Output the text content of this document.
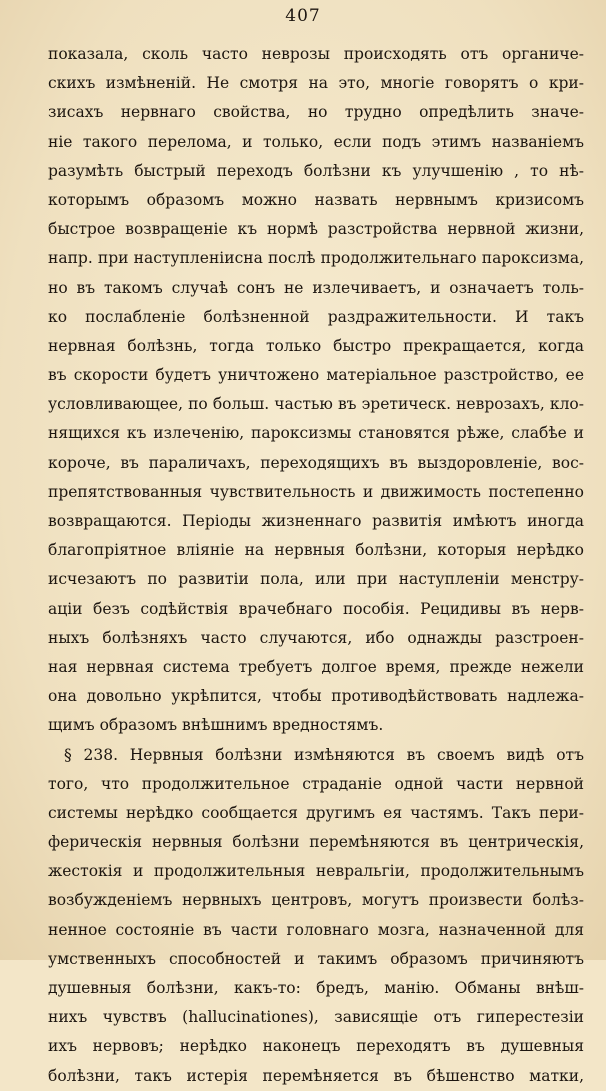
407
показала, сколь часто неврозы происходять отъ органиче-
скихъ измѣненій. Не смотря на это, многіе говорятъ о кри-
зисахъ нервнаго свойства, но трудно опредѣлить значе-
ніе такого перелома, и только, если подъ этимъ названіемъ
разумѣть быстрый переходъ болѣзни къ улучшенію , то нѣ-
которымъ образомъ можно назвать нервнымъ кризисомъ
быстрое возвращеніе къ нормѣ разстройства нервной жизни,
напр. при наступленіисна послѣ продолжительнаго пароксизма,
но въ такомъ случаѣ сонъ не излечиваетъ, и означаетъ толь-
ко послабленіе болѣзненной раздражительности. И такъ
нервная болѣзнь, тогда только быстро прекращается, когда
въ скорости будетъ уничтожено матеріальное разстройство, ее
условливающее, по больш. частью въ эретическ. неврозахъ, кло-
нящихся къ излеченію, пароксизмы становятся рѣже, слабѣе и
короче, въ параличахъ, переходящихъ въ выздоровленіе, вос-
препятствованныя чувствительность и движимость постепенно
возвращаются. Періоды жизненнаго развитія имѣютъ иногда
благопріятное вліяніе на нервныя болѣзни, которыя нерѣдко
исчезаютъ по развитіи пола, или при наступленіи менстру-
аціи безъ содѣйствія врачебнаго пособія. Рецидивы въ нерв-
ныхъ болѣзняхъ часто случаются, ибо однажды разстроен-
ная нервная система требуетъ долгое время, прежде нежели
она довольно укрѣпится, чтобы противодѣйствовать надлежа-
щимъ образомъ внѣшнимъ вредностямъ.
§ 238. Нервныя болѣзни измѣняются въ своемъ видѣ отъ
того, что продолжительное страданіе одной части нервной
системы нерѣдко сообщается другимъ ея частямъ. Такъ пери-
ферическія нервныя болѣзни перемѣняются въ центрическія,
жестокія и продолжительныя невральгіи, продолжительнымъ
возбужденіемъ нервныхъ центровъ, могутъ произвести болѣз-
ненное состояніе въ части головнаго мозга, назначенной для
умственныхъ способностей и такимъ образомъ причиняютъ
душевныя болѣзни, какъ-то: бредъ, манію. Обманы внѣш-
нихъ чувствъ (hallucinationes), зависящіе отъ гиперестезіи
ихъ нервовъ; нерѣдко наконецъ переходятъ въ душевныя
болѣзни, такъ истерія перемѣняется въ бѣшенство матки,
